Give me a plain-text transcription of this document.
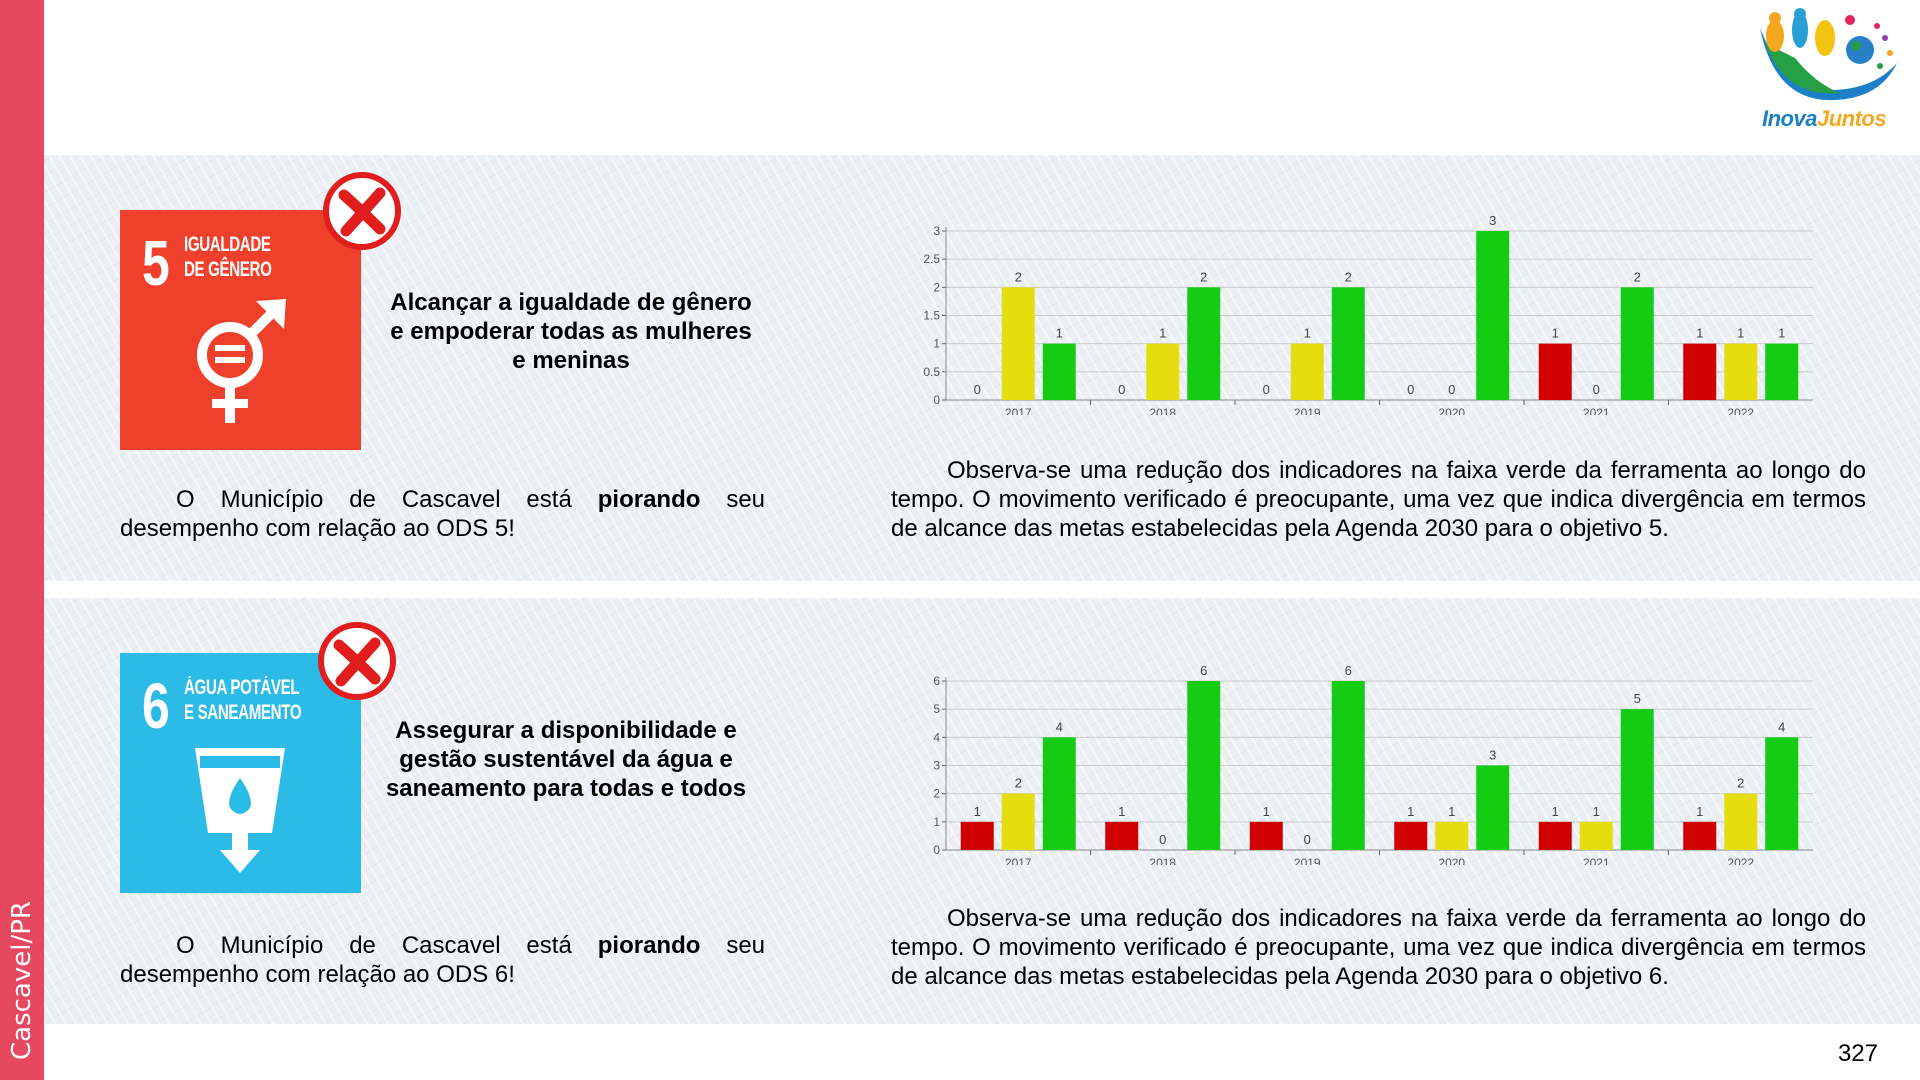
Cascavel/PR
InovaJuntos
5 IGUALDADE
DE GÊNERO
Alcançar a igualdade de gênero e empoderar todas as mulheres e meninas
O Município de Cascavel está piorando seu
desempenho com relação ao ODS 5!
0
0.5
1
1.5
2
2.5
3
0
2
1
2017
0
1
2
2018
0
1
2
2019
0	0
3
2020
1
0
2
2021
1	1	1
2022
Observa-se uma redução dos indicadores na faixa verde da ferramenta ao longo do tempo. O movimento verificado é preocupante, uma vez que indica divergência em termos de alcance das metas estabelecidas pela Agenda 2030 para o objetivo 5.
6 ÁGUA POTÁVEL
E SANEAMENTO
Assegurar a disponibilidade e gestão sustentável da água e saneamento para todas e todos
O Município de Cascavel está piorando seu
desempenho com relação ao ODS 6!
0
1
2
3
4
5
6
1
2
4
2017
1
0
6
2018
1
0
6
2019
1	1
3
2020
1	1
5
2021
1
2
4
2022
Observa-se uma redução dos indicadores na faixa verde da ferramenta ao longo do tempo. O movimento verificado é preocupante, uma vez que indica divergência em termos de alcance das metas estabelecidas pela Agenda 2030 para o objetivo 6.
327
